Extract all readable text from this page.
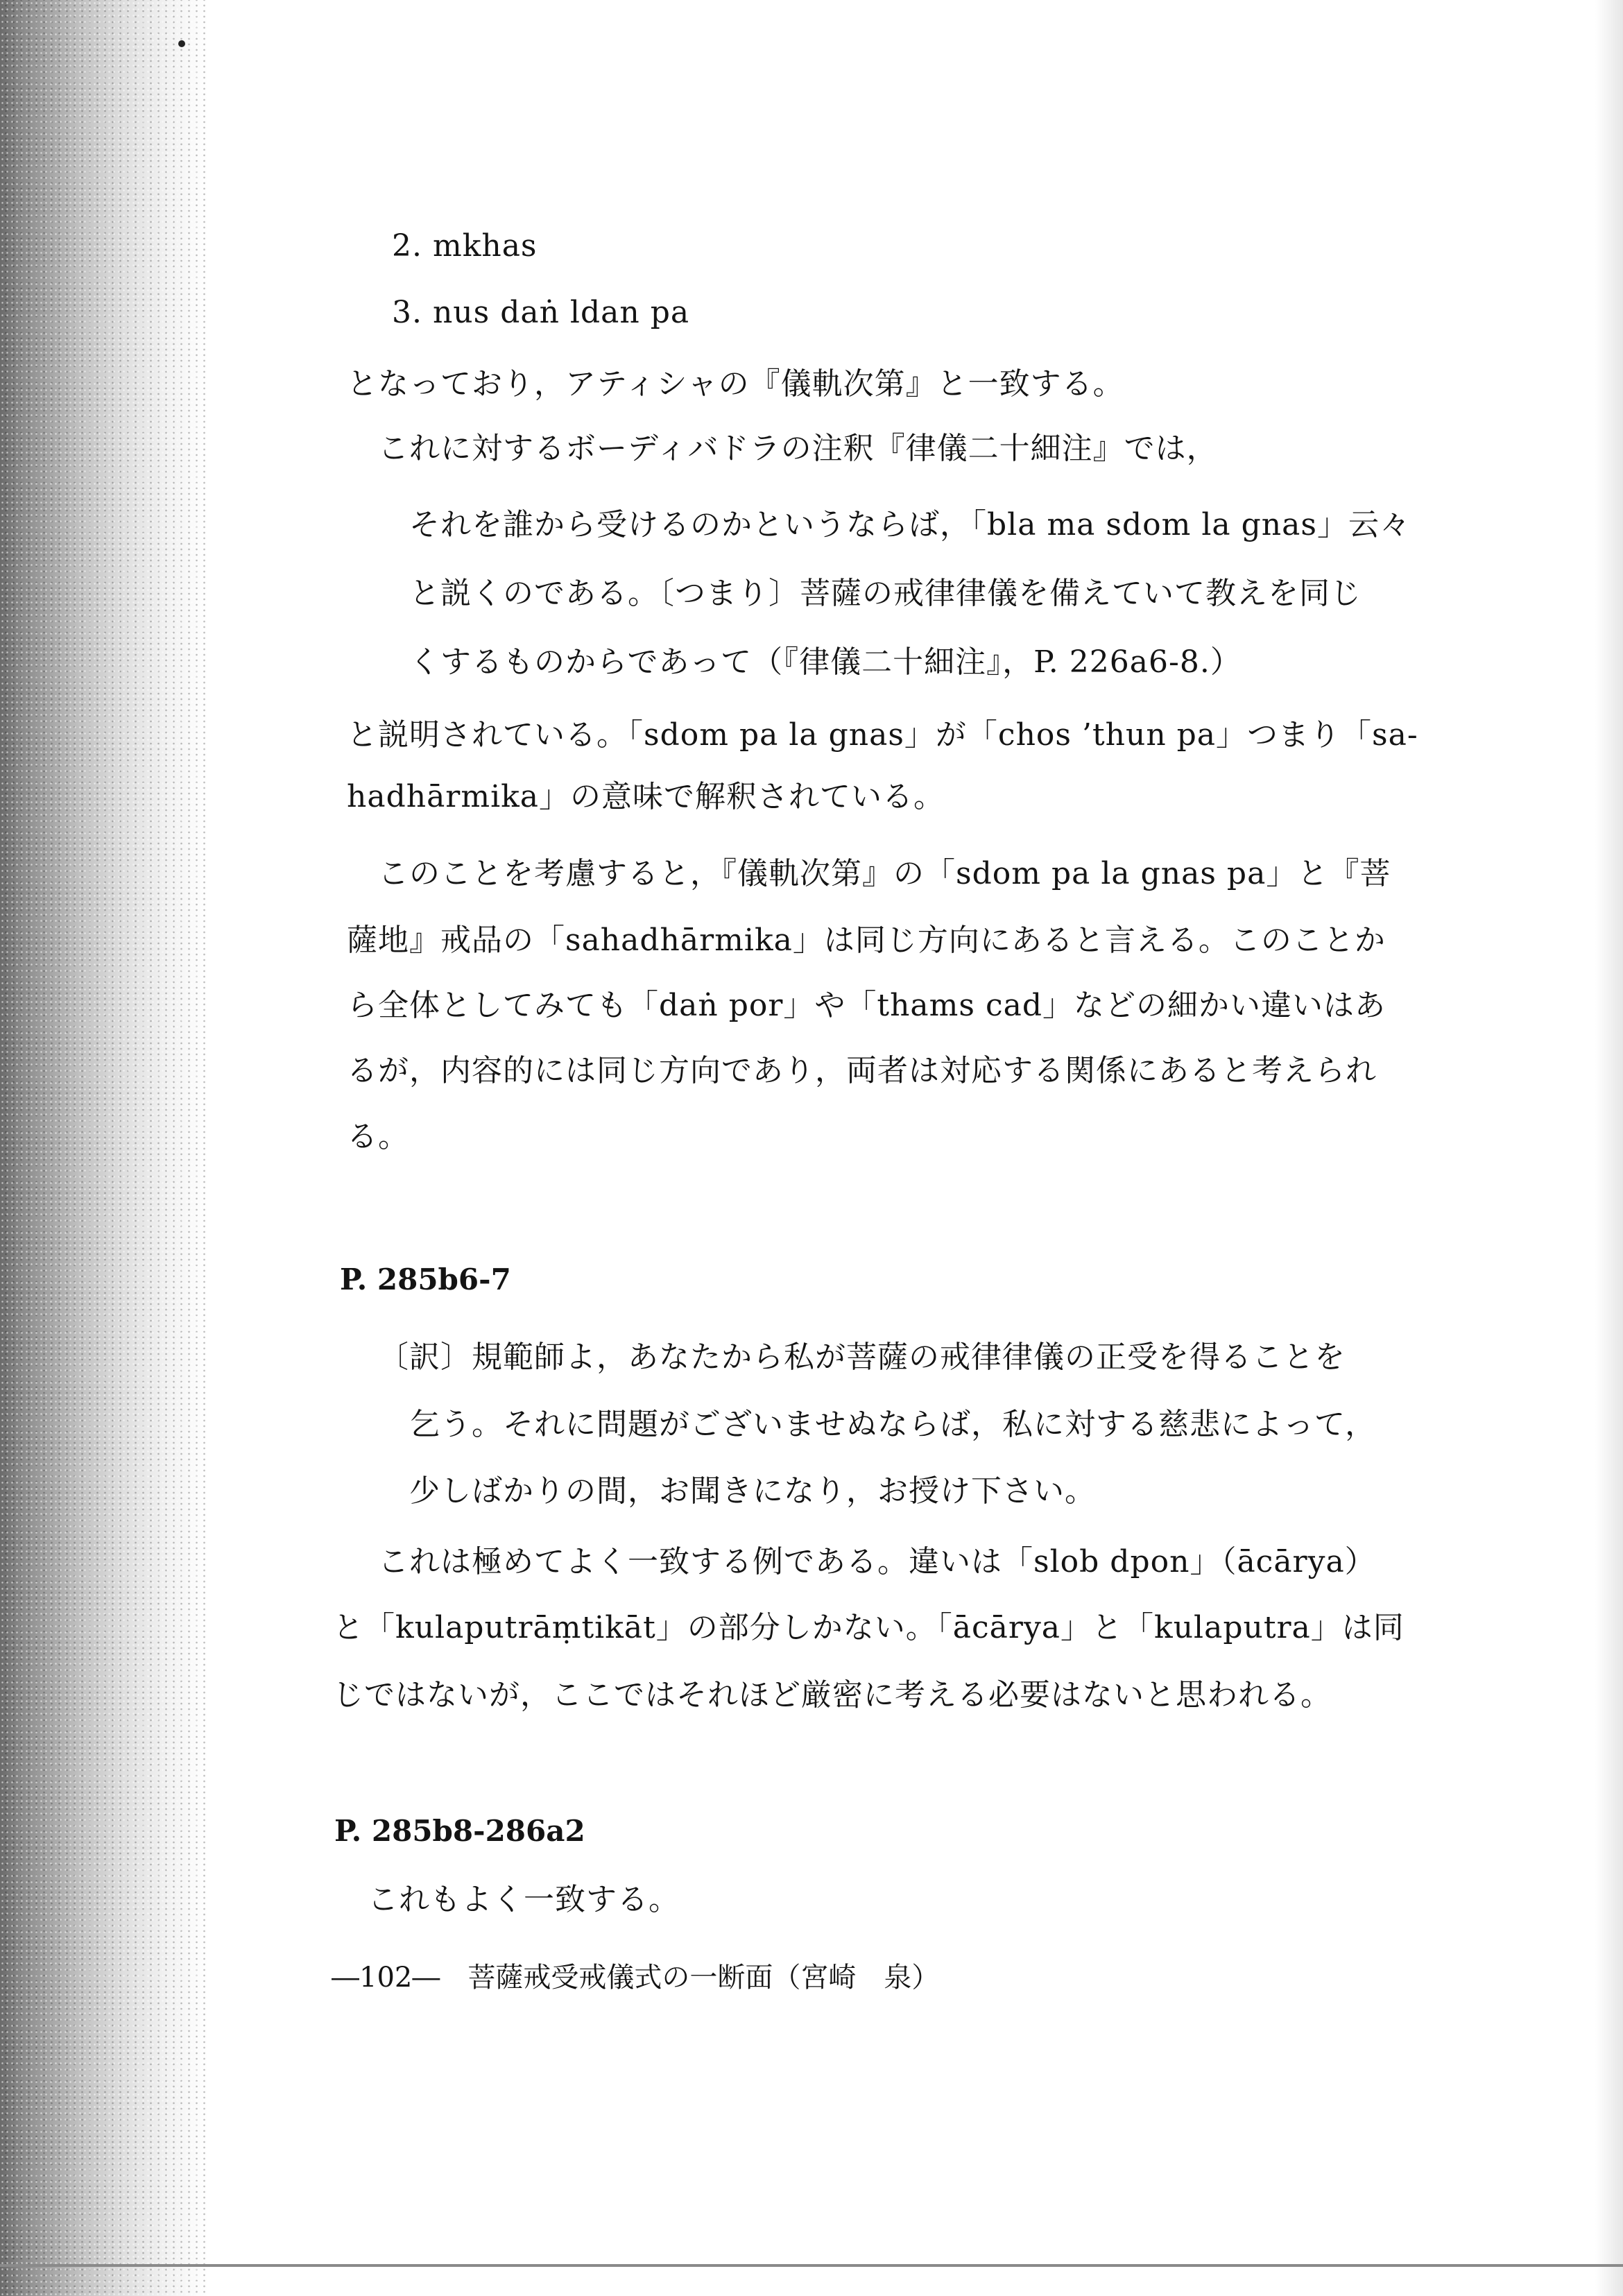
2. mkhas
3. nus daṅ ldan pa
となっており，アティシャの『儀軌次第』と一致する。
これに対するボーディバドラの注釈『律儀二十細注』では，
それを誰から受けるのかというならば，「bla ma sdom la gnas」云々
と説くのである。〔つまり〕菩薩の戒律律儀を備えていて教えを同じ
くするものからであって（『律儀二十細注』，P. 226a6-8.）
と説明されている。「sdom pa la gnas」が「chos ’thun pa」つまり「sa-
hadhārmika」の意味で解釈されている。
このことを考慮すると，『儀軌次第』の「sdom pa la gnas pa」と『菩
薩地』戒品の「sahadhārmika」は同じ方向にあると言える。このことか
ら全体としてみても「daṅ por」や「thams cad」などの細かい違いはあ
るが，内容的には同じ方向であり，両者は対応する関係にあると考えられ
る。
P. 285b6-7
〔訳〕規範師よ，あなたから私が菩薩の戒律律儀の正受を得ることを
乞う。それに問題がございませぬならば，私に対する慈悲によって，
少しばかりの間，お聞きになり，お授け下さい。
これは極めてよく一致する例である。違いは「slob dpon」（ācārya）
と「kulaputrāṃtikāt」の部分しかない。「ācārya」と「kulaputra」は同
じではないが，ここではそれほど厳密に考える必要はないと思われる。
P. 285b8-286a2
これもよく一致する。
―102―　菩薩戒受戒儀式の一断面（宮崎　泉）
